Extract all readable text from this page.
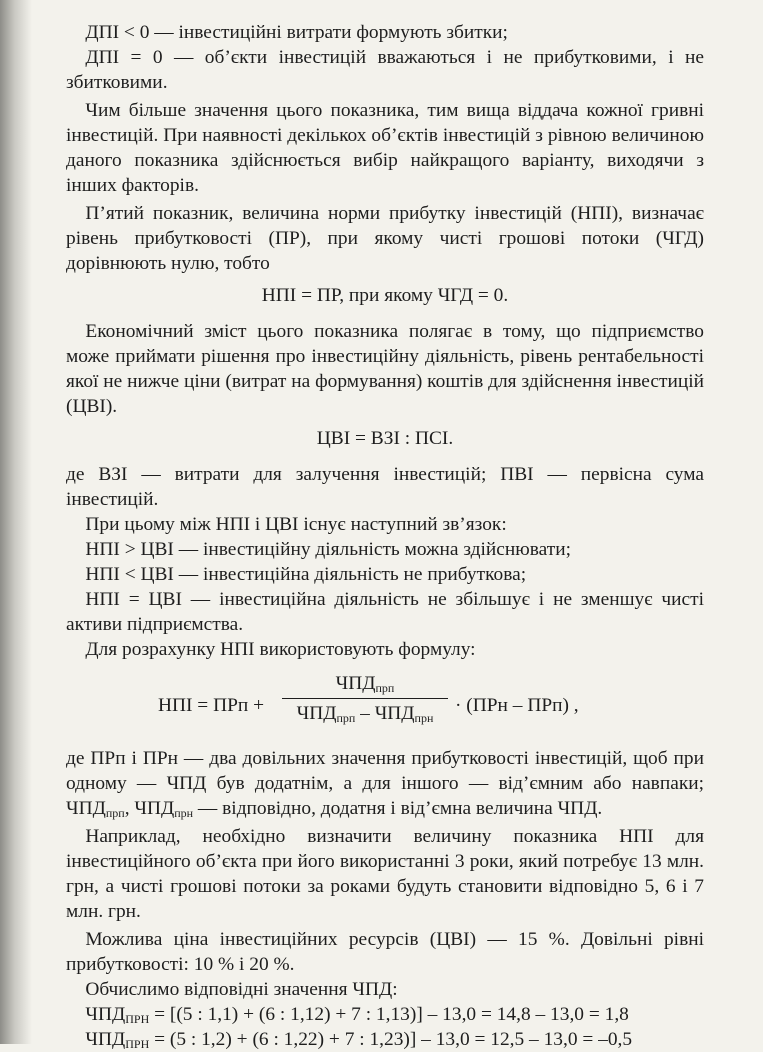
ДПІ < 0 — інвестиційні витрати формують збитки;

ДПІ = 0 — об’єкти інвестицій вважаються і не прибутковими, і не збитковими.

Чим більше значення цього показника, тим вища віддача кожної гривні інвестицій. При наявності декількох об’єктів інвестицій з рівною величиною даного показника здійснюється вибір найкращого варіанту, виходячи з інших факторів.

П’ятий показник, величина норми прибутку інвестицій (НПІ), визначає рівень прибутковості (ПР), при якому чисті грошові потоки (ЧГД) дорівнюють нулю, тобто

НПІ = ПР, при якому ЧГД = 0.

Економічний зміст цього показника полягає в тому, що підприємство може приймати рішення про інвестиційну діяльність, рівень рентабельності якої не нижче ціни (витрат на формування) коштів для здійснення інвестицій (ЦВІ).

ЦВІ = ВЗІ : ПСІ.

де ВЗІ — витрати для залучення інвестицій; ПВІ — первісна сума інвестицій.

При цьому між НПІ і ЦВІ існує наступний зв’язок:

НПІ > ЦВІ — інвестиційну діяльність можна здійснювати;

НПІ < ЦВІ — інвестиційна діяльність не прибуткова;

НПІ = ЦВІ — інвестиційна діяльність не збільшує і не зменшує чисті активи підприємства.

Для розрахунку НПІ використовують формулу:

НПІ = ПРп +
$ЧПД_{прп}$
$ЧПД_{прп} - ЧПД_{прн}$
· (ПРн – ПРп) ,

де ПРп і ПРн — два довільних значення прибутковості інвестицій, щоб при одному — ЧПД був додатнім, а для іншого — від’ємним або навпаки; $ЧПД_{прп}$, $ЧПД_{прн}$ — відповідно, додатня і від’ємна величина ЧПД.

Наприклад, необхідно визначити величину показника НПІ для інвестиційного об’єкта при його використанні 3 роки, який потребує 13 млн. грн, а чисті грошові потоки за роками будуть становити відповідно 5, 6 і 7 млн. грн.

Можлива ціна інвестиційних ресурсів (ЦВІ) — 15 %. Довільні рівні прибутковості: 10 % і 20 %.

Обчислимо відповідні значення ЧПД:

$ЧПД_{ПРН} = [(5$ : 1,1) + (6 : 1,12) + 7 : 1,13)] – 13,0 = 14,8 – 13,0 = 1,8

$ЧПД_{ПРН} = (5$ : 1,2) + (6 : 1,22) + 7 : 1,23)] – 13,0 = 12,5 – 13,0 = –0,5
